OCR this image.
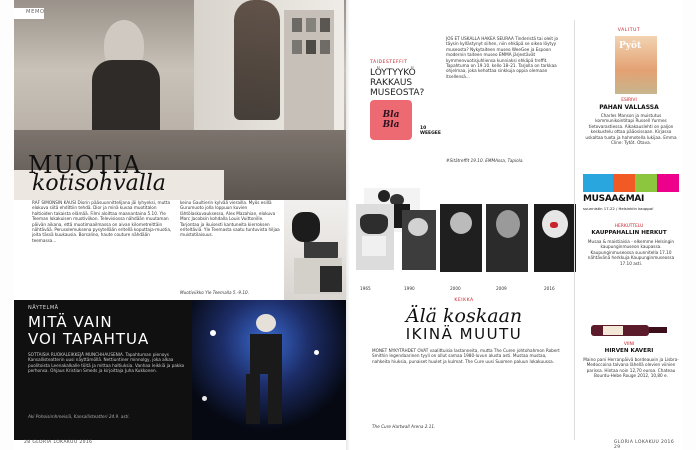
MEMO
MUOTIA
kotisohvalla
RAF SIMONSIN KAUSI Diorin pääsuunnittelijana jäi lyhyeksi, mutta elokuva siitä ehdittiin tehdä. Dior ja minä kuvaa muotitalon haltioiden takaista elämää. Filmi aloittaa maanantaina 5.10. Yle Teeman lokakuisen muotiviikon. Televisiossa nähdään muutaman päivän aikana, että muotimaailmassa on aivan kilometreittäin nähtävää. Perusolemuksena pysytellään eritellä koputtaja-muotia, joita tässä kuukausia. Borsalino, haute couture nähdään teemassa...
keinu Gaultierin kylvää vierailla. Myös esillä Gurumuoto jolla loppuun kuvien lähtölaskuvauksessa, Alex Mazahian, elokuva Marc Jacobsin kohdalla Louis Vuittonille. Tarjontaa ja ikuisesti kantuneita kierroksen eriteltäviä. Yle Teemasta saatu tuntuvista hiljaa muistotilaisuus.
Muotiviikko Yle Teemalla 5.-9.10.
NÄYTELMÄ
MITÄ VAIN
VOI TAPAHTUA
SOTTAISIA RUOKALEIKKEJÄ MUNCHHAUSENIA. Tapahtuman pienoys Kansallisteatterin uusi näyttämöllä. Nettiuntiner minnolgy, joka alkaa puolitoista Leenakalkalle töitä ja mittaa haltiuksia. Vanhaa leikkiä ja pakko perhonsa. Ohjaus Kristian Smeds ja kirjoittaja Juha Kukkonen.
Aki Pohoisimhmeisiä, Kansallisteatteri 24.9. asti.
28 GLORIA LOKAKUU 2016
Bla Bla	10 WEEGEE
TAIDESTEFFIT
LÖYTYYKÖ RAKKAUS MUSEOSTA?
JOS ET USKALLA HAKEA SEURAA Tinderistä tai oleit jo täysin kyllästynyt siihen, niin ehkäpä se oikea löytyy museosta? Nykytaiteen museo WeeGee ja Espoon modernin taiteen museo EMMA järjestävät kymmenvuotisjuhliensa kunniaksi ehkäpä treffit. Tapahtuma on 19.10. kello 18–21. Tarjolla on tarkkaa ohjelmaa, joka kehottaa sinkkuja oppia olemaan itsellensä...
#Sitätreffit 19.10. EMMAssa, Tapiola.
1965	1990	2000	2009	2016
KEIKKA
Älä koskaan
IKINÄ MUUTU
MONET NYKYTÄHDET OVAT vaalittuisia lastanneita, mutta The Curen johtohahmon Robert Smithin legendaarinen tyyli on ollut samaa 1980-luvun alusta asti. Mustaa mustaa, nahkeita hiuksia, punaiset huulet ja kulmat. The Cure uusi Suomen paluun lokakuussa.
The Cure Hartwall Arena 2.11.
VALITUT
Pyöt
ESIRIVI
PAHAN VALLASSA
Charles Manson ja muistutus kommunikointitapi Russell Yurmes tietovarastiessa. Aikakauslehti on paljon keskustelu ottaa pääosissaan. Kirjassa uskaltaa tuota ja hahmotella lukijaa. Emma Cline: Tytöt. Otava.
MUSAA&MAI
suunnistin 17-22 / Helsinkiin kauppo!
HERKUTTELU
KAUPPAHALLIN HERKUT
Musaa & maistiaisia - elkemme Helsingin kaupunginmuseon kaupassa. Kaupunginmuseossa suunnitella 17.10 nähtävänä herkkuja Kaupunginmuseossa 17.10 asti.
VIINI
HIRVEN KAVERI
Maino pani Herranpäivä bordeauxin ja Lisbra-Medoccoina talvana lähellä olevien viinien parissa. Hintaa noin 12,70 euroa. Chateau Bourdu-Hebe Rouge 2012, 10,80 e.
GLORIA LOKAKUU 2016 29
